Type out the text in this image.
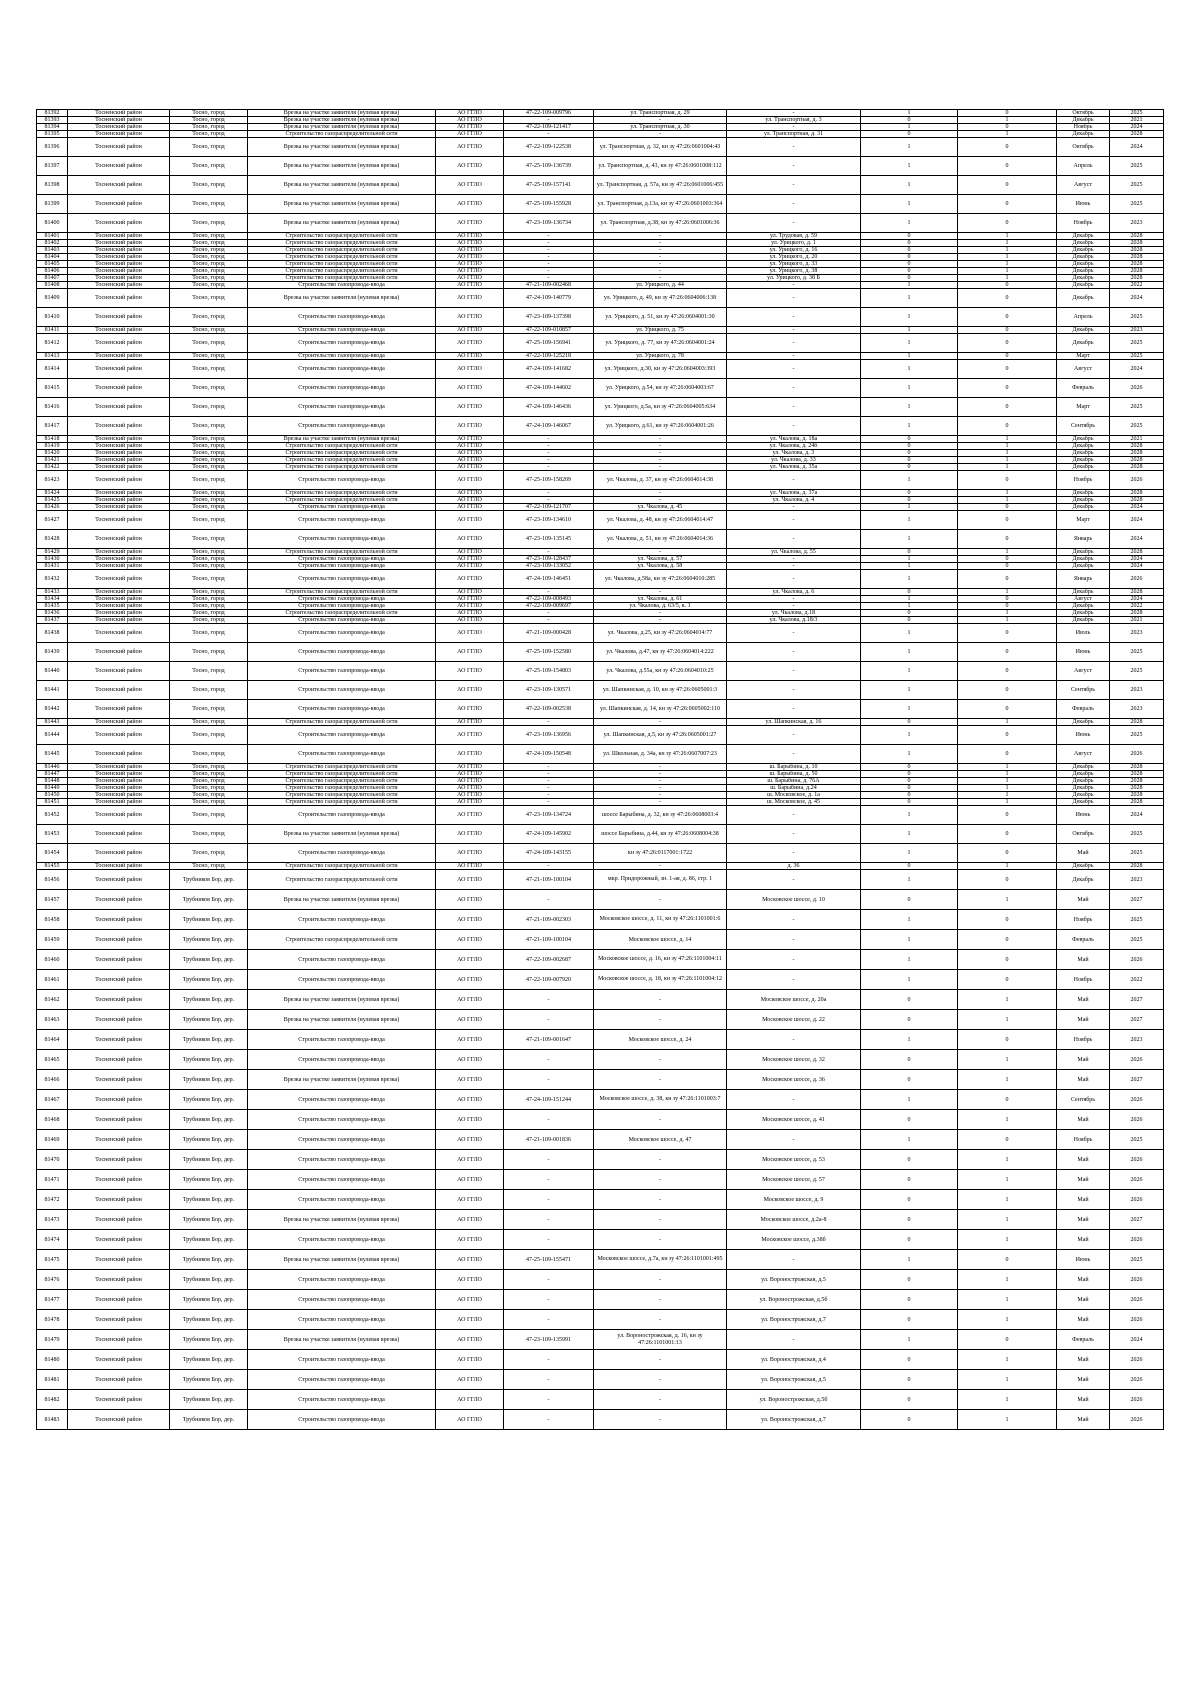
81392	Тосненский район	Тосно, город	Врезка на участке заявителя (нулевая врезка)	АО ГГЛО	47-22-109-009796	ул. Транспортная, д. 29	-	1	0	Октябрь	2025
81393	Тосненский район	Тосно, город	Врезка на участке заявителя (нулевая врезка)	АО ГГЛО	-	-	ул. Транспортная, д. 3	0	1	Декабрь	2021
81394	Тосненский район	Тосно, город	Врезка на участке заявителя (нулевая врезка)	АО ГГЛО	47-22-109-121417	ул. Транспортная, д. 30	-	1	0	Ноябрь	2024
81395	Тосненский район	Тосно, город	Строительство газораспределительной сети	АО ГГЛО	-	-	ул. Транспортная, д. 31	0	1	Декабрь	2028
81396	Тосненский район	Тосно, город	Врезка на участке заявителя (нулевая врезка)	АО ГГЛО	47-22-109-122538	ул. Транспортная, д. 32, кн зу 47:26:0601004:43	-	1	0	Октябрь	2024
81397	Тосненский район	Тосно, город	Врезка на участке заявителя (нулевая врезка)	АО ГГЛО	47-25-109-136739	ул. Транспортная, д. 43, кн зу 47:26:0601008:112	-	1	0	Апрель	2025
81398	Тосненский район	Тосно, город	Врезка на участке заявителя (нулевая врезка)	АО ГГЛО	47-25-109-157141	ул. Транспортная, д. 57а, кн зу 47:26:0601006:455	-	1	0	Август	2025
81399	Тосненский район	Тосно, город	Врезка на участке заявителя (нулевая врезка)	АО ГГЛО	47-25-109-155928	ул. Транспортная, д.13а, кн зу 47:26:0601003:364	-	1	0	Июнь	2025
81400	Тосненский район	Тосно, город	Врезка на участке заявителя (нулевая врезка)	АО ГГЛО	47-23-109-136734	ул. Транспортная, д.38, кн зу 47:26:0601006:36	-	1	0	Ноябрь	2023
81401	Тосненский район	Тосно, город	Строительство газораспределительной сети	АО ГГЛО	-	-	ул. Трудовая, д. 59	0	1	Декабрь	2028
81402	Тосненский район	Тосно, город	Строительство газораспределительной сети	АО ГГЛО	-	-	ул. Урицкого, д. 1	0	1	Декабрь	2028
81403	Тосненский район	Тосно, город	Строительство газораспределительной сети	АО ГГЛО	-	-	ул. Урицкого, д. 16	0	1	Декабрь	2028
81404	Тосненский район	Тосно, город	Строительство газораспределительной сети	АО ГГЛО	-	-	ул. Урицкого, д. 20	0	1	Декабрь	2028
81405	Тосненский район	Тосно, город	Строительство газораспределительной сети	АО ГГЛО	-	-	ул. Урицкого, д. 33	0	1	Декабрь	2028
81406	Тосненский район	Тосно, город	Строительство газораспределительной сети	АО ГГЛО	-	-	ул. Урицкого, д. 38	0	1	Декабрь	2028
81407	Тосненский район	Тосно, город	Строительство газораспределительной сети	АО ГГЛО	-	-	ул. Урицкого, д. 38 Б	0	1	Декабрь	2028
81408	Тосненский район	Тосно, город	Строительство газопровода-ввода	АО ГГЛО	47-21-109-002468	ул. Урицкого, д. 44	-	1	0	Декабрь	2022
81409	Тосненский район	Тосно, город	Врезка на участке заявителя (нулевая врезка)	АО ГГЛО	47-24-109-140779	ул. Урицкого, д. 49, кн зу 47:26:0604006:138	-	1	0	Декабрь	2024
81410	Тосненский район	Тосно, город	Строительство газопровода-ввода	АО ГГЛО	47-23-109-137398	ул. Урицкого, д. 51, кн зу 47:26:0604001:30	-	1	0	Апрель	2025
81411	Тосненский район	Тосно, город	Строительство газопровода-ввода	АО ГГЛО	47-22-109-010857	ул. Урицкого, д. 75	-	1	0	Декабрь	2023
81412	Тосненский район	Тосно, город	Строительство газопровода-ввода	АО ГГЛО	47-25-109-156941	ул. Урицкого, д. 77, кн зу 47:26:0604001:24	-	1	0	Декабрь	2025
81413	Тосненский район	Тосно, город	Строительство газопровода-ввода	АО ГГЛО	47-22-109-125218	ул. Урицкого, д. 78	-	1	0	Март	2025
81414	Тосненский район	Тосно, город	Строительство газопровода-ввода	АО ГГЛО	47-24-109-141682	ул. Урицкого, д.30, кн зу 47:26:0604003:393	-	1	0	Август	2024
81415	Тосненский район	Тосно, город	Строительство газопровода-ввода	АО ГГЛО	47-24-109-144602	ул. Урицкого, д.54, кн зу 47:26:0604003:67	-	1	0	Февраль	2026
81416	Тосненский район	Тосно, город	Строительство газопровода-ввода	АО ГГЛО	47-24-109-146436	ул. Урицкого, д.5а, кн зу 47:26:0604005:634	-	1	0	Март	2025
81417	Тосненский район	Тосно, город	Строительство газопровода-ввода	АО ГГЛО	47-24-109-146067	ул. Урицкого, д.61, кн зу 47:26:0604001:26	-	1	0	Сентябрь	2025
81418	Тосненский район	Тосно, город	Врезка на участке заявителя (нулевая врезка)	АО ГГЛО	-	-	ул. Чкалова, д. 18а	0	1	Декабрь	2021
81419	Тосненский район	Тосно, город	Строительство газораспределительной сети	АО ГГЛО	-	-	ул. Чкалова, д. 24б	0	1	Декабрь	2028
81420	Тосненский район	Тосно, город	Строительство газораспределительной сети	АО ГГЛО	-	-	ул. Чкалова, д. 3	0	1	Декабрь	2028
81421	Тосненский район	Тосно, город	Строительство газораспределительной сети	АО ГГЛО	-	-	ул. Чкалова, д. 33	0	1	Декабрь	2028
81422	Тосненский район	Тосно, город	Строительство газораспределительной сети	АО ГГЛО	-	-	ул. Чкалова, д. 35а	0	1	Декабрь	2028
81423	Тосненский район	Тосно, город	Строительство газопровода-ввода	АО ГГЛО	47-25-109-158209	ул. Чкалова, д. 37, кн зу 47:26:0604014:38	-	1	0	Ноябрь	2026
81424	Тосненский район	Тосно, город	Строительство газораспределительной сети	АО ГГЛО	-	-	ул. Чкалова, д. 37а	0	1	Декабрь	2028
81425	Тосненский район	Тосно, город	Строительство газораспределительной сети	АО ГГЛО	-	-	ул. Чкалова, д. 4	0	1	Декабрь	2028
81426	Тосненский район	Тосно, город	Строительство газопровода-ввода	АО ГГЛО	47-22-109-121707	ул. Чкалова, д. 45	-	1	0	Декабрь	2024
81427	Тосненский район	Тосно, город	Строительство газопровода-ввода	АО ГГЛО	47-23-109-134610	ул. Чкалова, д. 48, кн зу 47:26:0604014:47	-	1	0	Март	2024
81428	Тосненский район	Тосно, город	Строительство газопровода-ввода	АО ГГЛО	47-23-109-135145	ул. Чкалова, д. 51, кн зу 47:26:0604014:36	-	1	0	Январь	2024
81429	Тосненский район	Тосно, город	Строительство газораспределительной сети	АО ГГЛО	-	-	ул. Чкалова, д. 55	0	1	Декабрь	2028
81430	Тосненский район	Тосно, город	Строительство газопровода-ввода	АО ГГЛО	47-23-109-128437	ул. Чкалова, д. 57	-	1	0	Декабрь	2024
81431	Тосненский район	Тосно, город	Строительство газопровода-ввода	АО ГГЛО	47-23-109-133052	ул. Чкалова, д. 58	-	1	0	Декабрь	2024
81432	Тосненский район	Тосно, город	Строительство газопровода-ввода	АО ГГЛО	47-24-109-146451	ул. Чкалова, д.58а, кн зу 47:26:0604010:285	-	1	0	Январь	2026
81433	Тосненский район	Тосно, город	Строительство газораспределительной сети	АО ГГЛО	-	-	ул. Чкалова, д. 6	0	1	Декабрь	2028
81434	Тосненский район	Тосно, город	Строительство газопровода-ввода	АО ГГЛО	47-22-109-008493	ул. Чкалова, д. 61	-	1	0	Август	2024
81435	Тосненский район	Тосно, город	Строительство газопровода-ввода	АО ГГЛО	47-22-109-009697	ул. Чкалова, д. 63/5, к. 1	-	1	0	Декабрь	2022
81436	Тосненский район	Тосно, город	Строительство газораспределительной сети	АО ГГЛО	-	-	ул. Чкалова, д.18	0	1	Декабрь	2028
81437	Тосненский район	Тосно, город	Строительство газопровода-ввода	АО ГГЛО	-	-	ул. Чкалова, д.18/3	0	1	Декабрь	2021
81438	Тосненский район	Тосно, город	Строительство газопровода-ввода	АО ГГЛО	47-21-109-000428	ул. Чкалова, д.25, кн зу 47:26:0604014:77	-	1	0	Июль	2023
81439	Тосненский район	Тосно, город	Строительство газопровода-ввода	АО ГГЛО	47-25-109-152580	ул. Чкалова, д.47, кн зу 47:26:0604014:222	-	1	0	Июнь	2025
81440	Тосненский район	Тосно, город	Строительство газопровода-ввода	АО ГГЛО	47-25-109-154803	ул. Чкалова, д.55а, кн зу 47:26:0604010:25	-	1	0	Август	2025
81441	Тосненский район	Тосно, город	Строительство газопровода-ввода	АО ГГЛО	47-23-109-130571	ул. Шапкинская, д. 10, кн зу 47:26:0605001:3	-	1	0	Сентябрь	2023
81442	Тосненский район	Тосно, город	Строительство газопровода-ввода	АО ГГЛО	47-22-109-002538	ул. Шапкинская, д. 14, кн зу 47:26:0605002:110	-	1	0	Февраль	2023
81443	Тосненский район	Тосно, город	Строительство газораспределительной сети	АО ГГЛО	-	-	ул. Шапкинская, д. 16	0	1	Декабрь	2028
81444	Тосненский район	Тосно, город	Строительство газопровода-ввода	АО ГГЛО	47-23-109-136956	ул. Шапкинская, д.5, кн зу 47:26:0605001:27	-	1	0	Июнь	2025
81445	Тосненский район	Тосно, город	Строительство газопровода-ввода	АО ГГЛО	47-24-109-150548	ул. Школьная, д. 34а, кн зу 47:26:0607007:23	-	1	0	Август	2026
81446	Тосненский район	Тосно, город	Строительство газораспределительной сети	АО ГГЛО	-	-	ш. Барыбина, д. 10	0	1	Декабрь	2028
81447	Тосненский район	Тосно, город	Строительство газораспределительной сети	АО ГГЛО	-	-	ш. Барыбина, д. 50	0	1	Декабрь	2028
81448	Тосненский район	Тосно, город	Строительство газораспределительной сети	АО ГГЛО	-	-	ш. Барыбина, д. 76А	0	1	Декабрь	2028
81449	Тосненский район	Тосно, город	Строительство газораспределительной сети	АО ГГЛО	-	-	ш. Барыбина, д.24	0	1	Декабрь	2028
81450	Тосненский район	Тосно, город	Строительство газораспределительной сети	АО ГГЛО	-	-	ш. Московское, д. 1а	0	1	Декабрь	2028
81451	Тосненский район	Тосно, город	Строительство газораспределительной сети	АО ГГЛО	-	-	ш. Московское, д. 45	0	1	Декабрь	2028
81452	Тосненский район	Тосно, город	Строительство газопровода-ввода	АО ГГЛО	47-23-109-134724	шоссе Барыбина, д. 32, кн зу 47:26:0608003:4	-	1	0	Июнь	2024
81453	Тосненский район	Тосно, город	Врезка на участке заявителя (нулевая врезка)	АО ГГЛО	47-24-109-145902	шоссе Барыбина, д.44, кн зу 47:26:0608004:38	-	1	0	Октябрь	2025
81454	Тосненский район	Тосно, город	Строительство газопровода-ввода	АО ГГЛО	47-24-109-143155	кн зу 47:26:0117001:1722	-	1	0	Май	2025
81455	Тосненский район	Тосно, город	Строительство газораспределительной сети	АО ГГЛО	-	-	д. 36	0	1	Декабрь	2028
81456	Тосненский район	Трубников Бор, дер.	Строительство газораспределительной сети	АО ГГЛО	47-21-109-100104	мкр. Придорожный, зн. 1-ая, д. 86, стр. 1	-	1	0	Декабрь	2023
81457	Тосненский район	Трубников Бор, дер.	Врезка на участке заявителя (нулевая врезка)	АО ГГЛО	-	-	Московское шоссе, д. 10	0	1	Май	2027
81458	Тосненский район	Трубников Бор, дер.	Строительство газопровода-ввода	АО ГГЛО	47-21-109-002303	Московское шоссе, д. 11, кн зу 47:26:1101001:6	-	1	0	Ноябрь	2025
81459	Тосненский район	Трубников Бор, дер.	Строительство газораспределительной сети	АО ГГЛО	47-21-109-100104	Московское шоссе, д. 14	-	1	0	Февраль	2025
81460	Тосненский район	Трубников Бор, дер.	Строительство газопровода-ввода	АО ГГЛО	47-22-109-002687	Московское шоссе, д. 16, кн зу 47:26:1101004:11	-	1	0	Май	2026
81461	Тосненский район	Трубников Бор, дер.	Строительство газопровода-ввода	АО ГГЛО	47-22-109-007920	Московское шоссе, д. 18, кн зу 47:26:1101004:12	-	1	0	Ноябрь	2022
81462	Тосненский район	Трубников Бор, дер.	Врезка на участке заявителя (нулевая врезка)	АО ГГЛО	-	-	Московское шоссе, д. 20а	0	1	Май	2027
81463	Тосненский район	Трубников Бор, дер.	Врезка на участке заявителя (нулевая врезка)	АО ГГЛО	-	-	Московское шоссе, д. 22	0	1	Май	2027
81464	Тосненский район	Трубников Бор, дер.	Строительство газопровода-ввода	АО ГГЛО	47-21-109-001647	Московское шоссе, д. 24	-	1	0	Ноябрь	2023
81465	Тосненский район	Трубников Бор, дер.	Строительство газопровода-ввода	АО ГГЛО	-	-	Московское шоссе, д. 32	0	1	Май	2026
81466	Тосненский район	Трубников Бор, дер.	Врезка на участке заявителя (нулевая врезка)	АО ГГЛО	-	-	Московское шоссе, д. 36	0	1	Май	2027
81467	Тосненский район	Трубников Бор, дер.	Строительство газопровода-ввода	АО ГГЛО	47-24-109-151244	Московское шоссе, д. 38, кн зу 47:26:1101003:7	-	1	0	Сентябрь	2026
81468	Тосненский район	Трубников Бор, дер.	Строительство газопровода-ввода	АО ГГЛО	-	-	Московское шоссе, д. 41	0	1	Май	2026
81469	Тосненский район	Трубников Бор, дер.	Строительство газопровода-ввода	АО ГГЛО	47-21-109-001836	Московское шоссе, д. 47	-	1	0	Ноябрь	2025
81470	Тосненский район	Трубников Бор, дер.	Строительство газопровода-ввода	АО ГГЛО	-	-	Московское шоссе, д. 53	0	1	Май	2026
81471	Тосненский район	Трубников Бор, дер.	Строительство газопровода-ввода	АО ГГЛО	-	-	Московское шоссе, д. 57	0	1	Май	2026
81472	Тосненский район	Трубников Бор, дер.	Строительство газопровода-ввода	АО ГГЛО	-	-	Московское шоссе, д. 9	0	1	Май	2026
81473	Тосненский район	Трубников Бор, дер.	Врезка на участке заявителя (нулевая врезка)	АО ГГЛО	-	-	Московское шоссе, д.2а-8	0	1	Май	2027
81474	Тосненский район	Трубников Бор, дер.	Строительство газопровода-ввода	АО ГГЛО	-	-	Московское шоссе, д.38б	0	1	Май	2026
81475	Тосненский район	Трубников Бор, дер.	Врезка на участке заявителя (нулевая врезка)	АО ГГЛО	47-25-109-155471	Московское шоссе, д.7а, кн зу 47:26:1101001:495	-	1	0	Июнь	2025
81476	Тосненский район	Трубников Бор, дер.	Строительство газопровода-ввода	АО ГГЛО	-	-	ул. Воронострожская, д.5	0	1	Май	2026
81477	Тосненский район	Трубников Бор, дер.	Строительство газопровода-ввода	АО ГГЛО	-	-	ул. Воронострожская, д.5б	0	1	Май	2026
81478	Тосненский район	Трубников Бор, дер.	Строительство газопровода-ввода	АО ГГЛО	-	-	ул. Воронострожская, д.7	0	1	Май	2026
81479	Тосненский район	Трубников Бор, дер.	Врезка на участке заявителя (нулевая врезка)	АО ГГЛО	47-23-109-135991	ул. Воронострожская, д. 16, кн зу 47:26:1101001:13	-	1	0	Февраль	2024
81480	Тосненский район	Трубников Бор, дер.	Строительство газопровода-ввода	АО ГГЛО	-	-	ул. Воронострожская, д.4	0	1	Май	2026
81481	Тосненский район	Трубников Бор, дер.	Строительство газопровода-ввода	АО ГГЛО	-	-	ул. Воронострожская, д.5	0	1	Май	2026
81482	Тосненский район	Трубников Бор, дер.	Строительство газопровода-ввода	АО ГГЛО	-	-	ул. Воронострожская, д.5б	0	1	Май	2026
81483	Тосненский район	Трубников Бор, дер.	Строительство газопровода-ввода	АО ГГЛО	-	-	ул. Воронострожская, д.7	0	1	Май	2026
